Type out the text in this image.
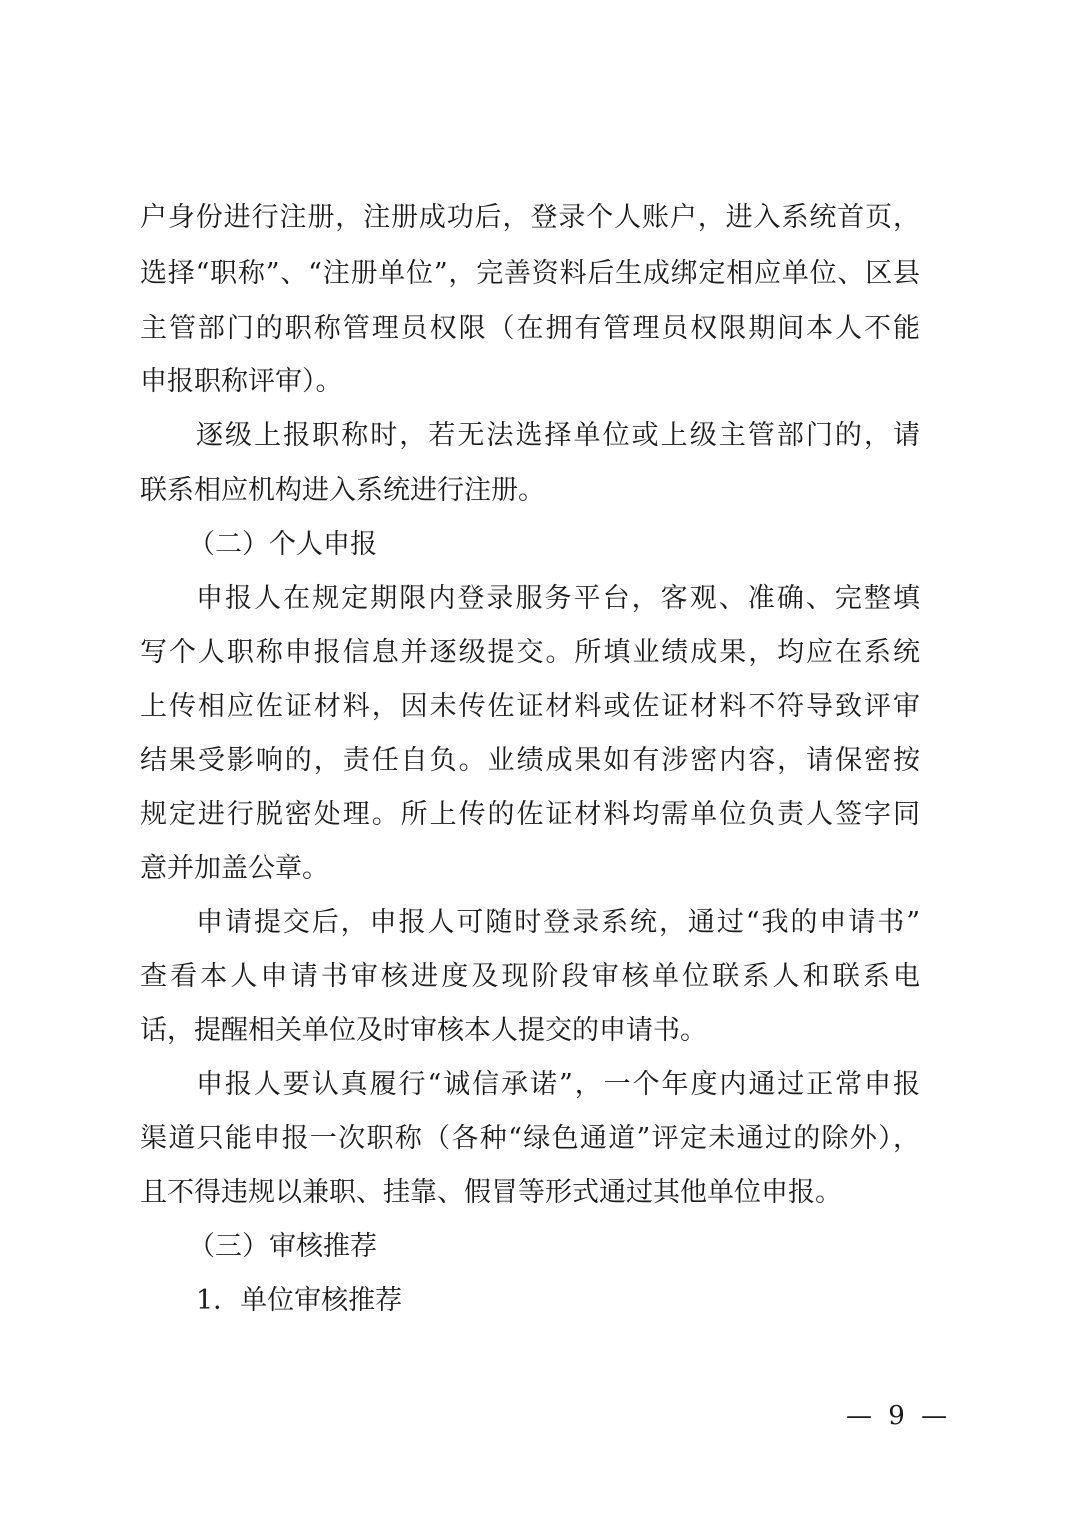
户身份进行注册，注册成功后，登录个人账户，进入系统首页，

选择“职称”、“注册单位”，完善资料后生成绑定相应单位、区县

主管部门的职称管理员权限（在拥有管理员权限期间本人不能

申报职称评审）。

逐级上报职称时，若无法选择单位或上级主管部门的，请

联系相应机构进入系统进行注册。

（二）个人申报

申报人在规定期限内登录服务平台，客观、准确、完整填

写个人职称申报信息并逐级提交。所填业绩成果，均应在系统

上传相应佐证材料，因未传佐证材料或佐证材料不符导致评审

结果受影响的，责任自负。业绩成果如有涉密内容，请保密按

规定进行脱密处理。所上传的佐证材料均需单位负责人签字同

意并加盖公章。

申请提交后，申报人可随时登录系统，通过“我的申请书”

查看本人申请书审核进度及现阶段审核单位联系人和联系电

话，提醒相关单位及时审核本人提交的申请书。

申报人要认真履行“诚信承诺”，一个年度内通过正常申报

渠道只能申报一次职称（各种“绿色通道”评定未通过的除外），

且不得违规以兼职、挂靠、假冒等形式通过其他单位申报。

（三）审核推荐

1．单位审核推荐

— 9 —
